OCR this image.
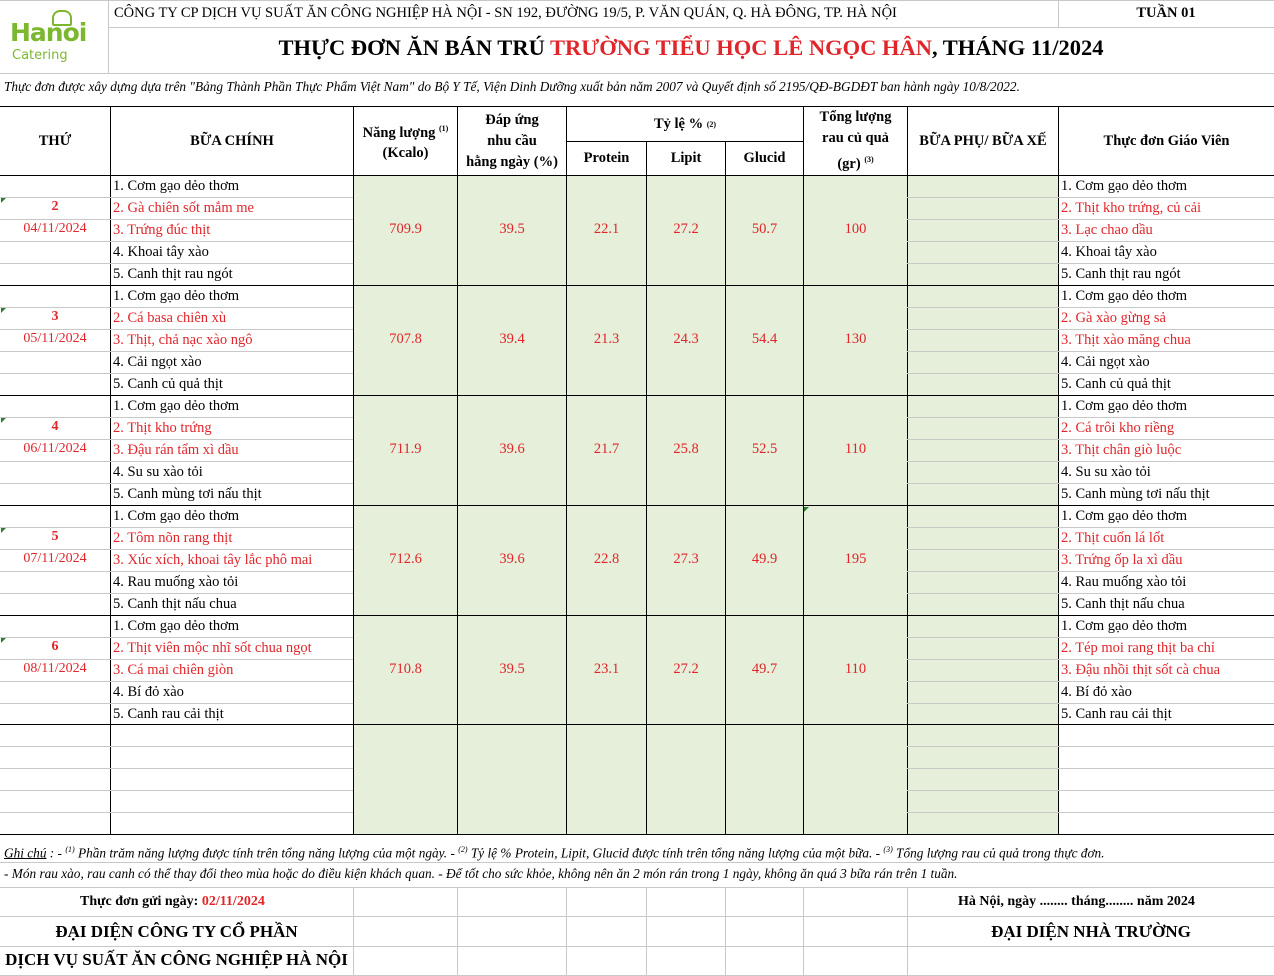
Hanoi
Catering
CÔNG TY CP DỊCH VỤ SUẤT ĂN CÔNG NGHIỆP HÀ NỘI - SN 192, ĐƯỜNG 19/5, P. VĂN QUÁN, Q. HÀ ĐÔNG, TP. HÀ NỘI	TUẦN 01
THỰC ĐƠN ĂN BÁN TRÚ TRƯỜNG TIỂU HỌC LÊ NGỌC HÂN, THÁNG 11/2024
Thực đơn được xây dựng dựa trên "Bảng Thành Phần Thực Phẩm Việt Nam" do Bộ Y Tế, Viện Dinh Dưỡng xuất bản năm 2007 và Quyết định số 2195/QĐ-BGDĐT ban hành ngày 10/8/2022.
THỨ	BỮA CHÍNH
Năng lượng $^{(1)}$
(Kcalo)
Đáp ứng
nhu cầu
hằng ngày (%)
Tỷ lệ %
(2)
Protein	Lipit	Glucid
Tổng lượng
rau củ quả
(gr) $^{(3)}$
BỮA PHỤ/ BỮA XẾ	Thực đơn Giáo Viên
2
04/11/2024
1. Cơm gạo dẻo thơm	1. Cơm gạo dẻo thơm
2. Gà chiên sốt mắm me	2. Thịt kho trứng, củ cải
3. Trứng đúc thịt	3. Lạc chao dầu
4. Khoai tây xào	4. Khoai tây xào
5. Canh thịt rau ngót	5. Canh thịt rau ngót
709.9	39.5	22.1	27.2	50.7	100
3
05/11/2024
1. Cơm gạo dẻo thơm	1. Cơm gạo dẻo thơm
2. Cá basa chiên xù	2. Gà xào gừng sả
3. Thịt, chả nạc xào ngô	3. Thịt xào măng chua
4. Cải ngọt xào	4. Cải ngọt xào
5. Canh củ quả thịt	5. Canh củ quả thịt
707.8	39.4	21.3	24.3	54.4	130
4
06/11/2024
1. Cơm gạo dẻo thơm	1. Cơm gạo dẻo thơm
2. Thịt kho trứng	2. Cá trôi kho riềng
3. Đậu rán tẩm xì dầu	3. Thịt chân giò luộc
4. Su su xào tỏi	4. Su su xào tỏi
5. Canh mùng tơi nấu thịt	5. Canh mùng tơi nấu thịt
711.9	39.6	21.7	25.8	52.5	110
5
07/11/2024
1. Cơm gạo dẻo thơm	1. Cơm gạo dẻo thơm
2. Tôm nõn rang thịt	2. Thịt cuốn lá lốt
3. Xúc xích, khoai tây lắc phô mai	3. Trứng ốp la xì dầu
4. Rau muống xào tỏi	4. Rau muống xào tỏi
5. Canh thịt nấu chua	5. Canh thịt nấu chua
712.6	39.6	22.8	27.3	49.9	195
6
08/11/2024
1. Cơm gạo dẻo thơm	1. Cơm gạo dẻo thơm
2. Thịt viên mộc nhĩ sốt chua ngọt	2. Tép moi rang thịt ba chỉ
3. Cá mai chiên giòn	3. Đậu nhồi thịt sốt cà chua
4. Bí đỏ xào	4. Bí đỏ xào
5. Canh rau cải thịt	5. Canh rau cải thịt
710.8	39.5	23.1	27.2	49.7	110
Ghi chú : - $^{(1)}$ Phần trăm năng lượng được tính trên tổng năng lượng của một ngày. - $^{(2)}$ Tỷ lệ % Protein, Lipit, Glucid được tính trên tổng năng lượng của một bữa. - $^{(3)}$ Tổng lượng rau củ quả trong thực đơn.
- Món rau xào, rau canh có thể thay đổi theo mùa hoặc do điều kiện khách quan. - Để tốt cho sức khỏe, không nên ăn 2 món rán trong 1 ngày, không ăn quá 3 bữa rán trên 1 tuần.
Thực đơn gửi ngày: 02/11/2024	Hà Nội, ngày ........ tháng........ năm 2024
ĐẠI DIỆN CÔNG TY CỔ PHẦN
DỊCH VỤ SUẤT ĂN CÔNG NGHIỆP HÀ NỘI
ĐẠI DIỆN NHÀ TRƯỜNG
